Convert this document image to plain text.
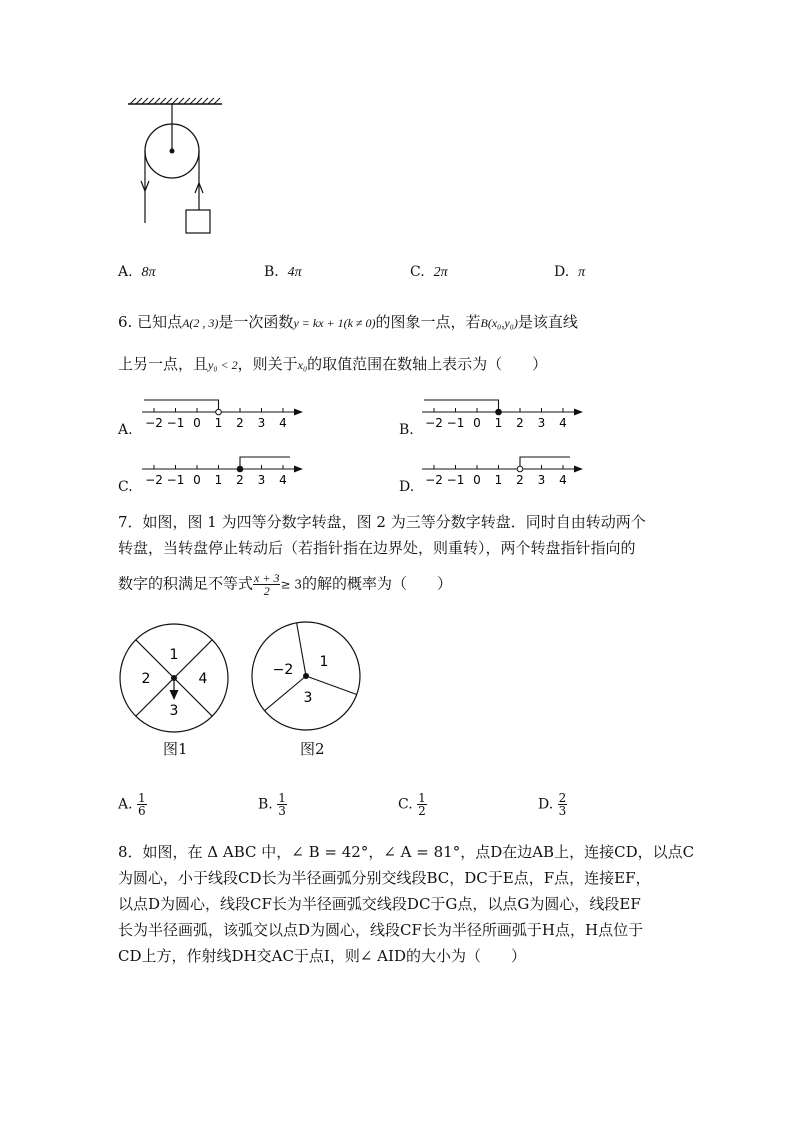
A. 8π	B. 4π	C. 2π	D. π
6. 已知点A(2 , 3)是一次函数y = kx + 1(k ≠ 0)的图象一点，若B(x₀,y₀)是该直线
上另一点，且y₀ < 2，则关于x₀的取值范围在数轴上表示为（　　）
A.	B.
C.	D.
−2 −1 0 1 2 3 4	−2 −1 0 1 2 3 4
−2 −1 0 1 2 3 4	−2 −1 0 1 2 3 4
7．如图，图 1 为四等分数字转盘，图 2 为三等分数字转盘．同时自由转动两个
转盘，当转盘停止转动后（若指针指在边界处，则重转），两个转盘指针指向的
数字的积满足不等式 $\frac{x + 3}{2} \ge 3$的解的概率为（　　）
1
2
3
4
图1
1
−2
3
图2
A. $\frac{1}{6}$	B. $\frac{1}{3}$	C. $\frac{1}{2}$	D. $\frac{2}{3}$
8．如图，在 Δ ABC 中，∠ B = 42°，∠ A = 81°，点D在边AB上，连接CD，以点C
为圆心，小于线段CD长为半径画弧分别交线段BC，DC于E点，F点，连接EF，
以点D为圆心，线段CF长为半径画弧交线段DC于G点，以点G为圆心，线段EF
长为半径画弧，该弧交以点D为圆心，线段CF长为半径所画弧于H点，H点位于
CD上方，作射线DH交AC于点I，则∠ AID的大小为（　　）
